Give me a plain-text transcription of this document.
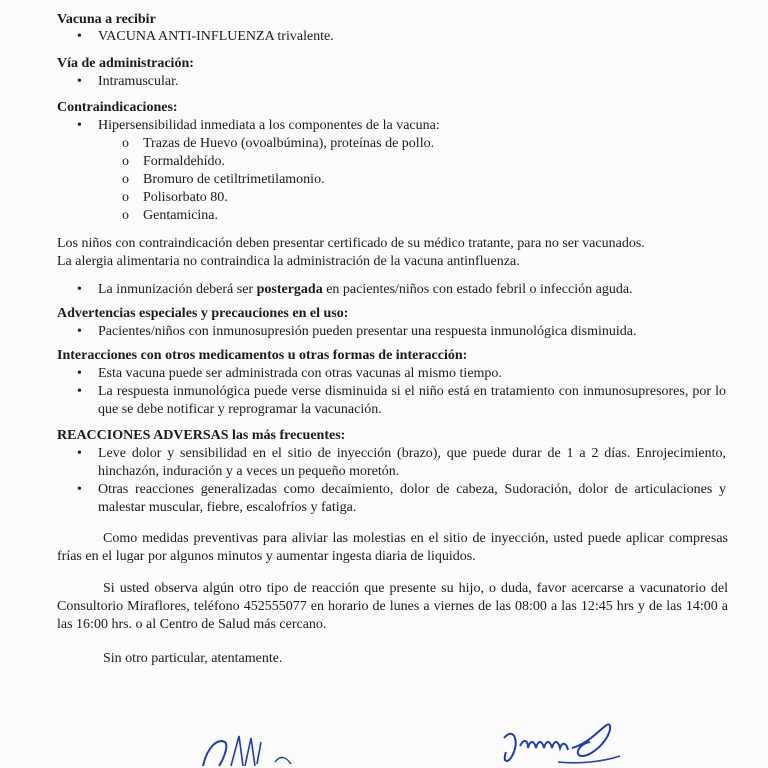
Vacuna a recibir
• VACUNA ANTI-INFLUENZA trivalente.
Vía de administración:
• Intramuscular.
Contraindicaciones:
• Hipersensibilidad inmediata a los componentes de la vacuna:
o Trazas de Huevo (ovoalbúmina), proteínas de pollo.
o Formaldehído.
o Bromuro de cetiltrimetilamonio.
o Polisorbato 80.
o Gentamicina.
Los niños con contraindicación deben presentar certificado de su médico tratante, para no ser vacunados.
La alergia alimentaria no contraindica la administración de la vacuna antinfluenza.
• La inmunización deberá ser postergada en pacientes/niños con estado febril o infección aguda.
Advertencias especiales y precauciones en el uso:
• Pacientes/niños con inmunosupresión pueden presentar una respuesta inmunológica disminuida.
Interacciones con otros medicamentos u otras formas de interacción:
• Esta vacuna puede ser administrada con otras vacunas al mismo tiempo.
• La respuesta inmunológica puede verse disminuida si el niño está en tratamiento con inmunosupresores, por lo que se debe notificar y reprogramar la vacunación.
REACCIONES ADVERSAS las más frecuentes:
• Leve dolor y sensibilidad en el sitio de inyección (brazo), que puede durar de 1 a 2 días. Enrojecimiento, hinchazón, induración y a veces un pequeño moretón.
• Otras reacciones generalizadas como decaimiento, dolor de cabeza, Sudoración, dolor de articulaciones y malestar muscular, fiebre, escalofríos y fatiga.
Como medidas preventivas para aliviar las molestias en el sitio de inyección, usted puede aplicar compresas frías en el lugar por algunos minutos y aumentar ingesta diaria de liquidos.
Si usted observa algún otro tipo de reacción que presente su hijo, o duda, favor acercarse a vacunatorio del Consultorio Miraflores, teléfono 452555077 en horario de lunes a viernes de las 08:00 a las 12:45 hrs y de las 14:00 a las 16:00 hrs. o al Centro de Salud más cercano.
Sin otro particular, atentamente.
